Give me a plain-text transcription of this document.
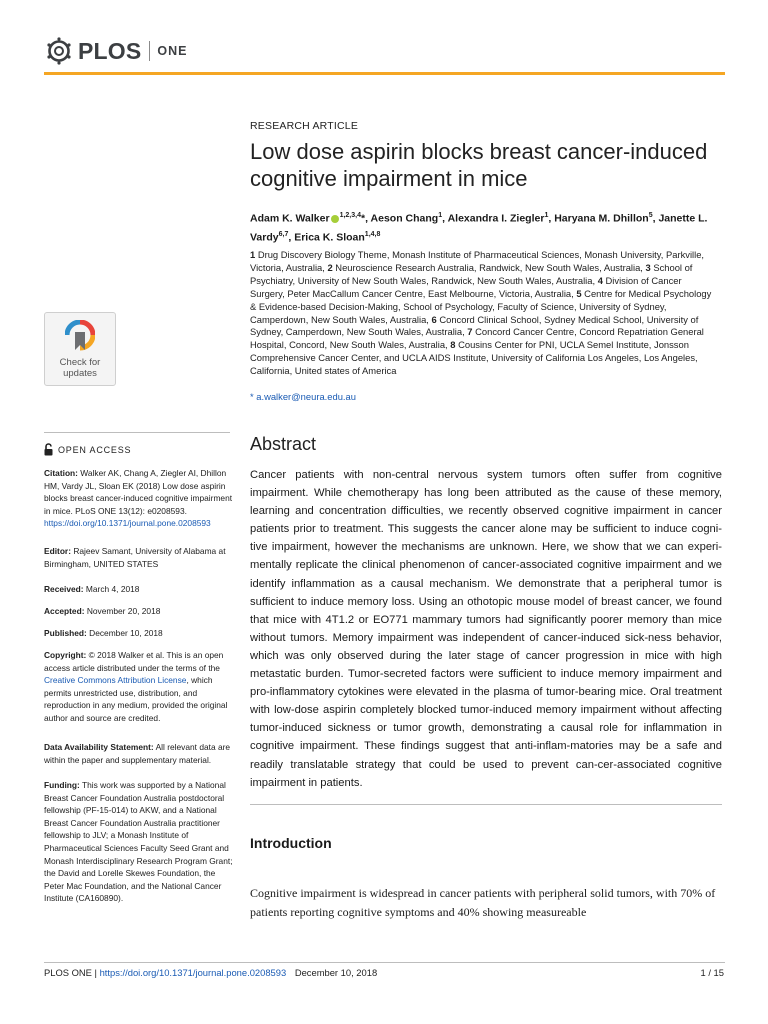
PLOS ONE
RESEARCH ARTICLE
Low dose aspirin blocks breast cancer-induced cognitive impairment in mice
Adam K. Walker $^{1,2,3,4}$*, Aeson Chang$^1$, Alexandra I. Ziegler$^1$, Haryana M. Dhillon$^5$, Janette L. Vardy$^{6,7}$, Erica K. Sloan$^{1,4,8}$
1 Drug Discovery Biology Theme, Monash Institute of Pharmaceutical Sciences, Monash University, Parkville, Victoria, Australia, 2 Neuroscience Research Australia, Randwick, New South Wales, Australia, 3 School of Psychiatry, University of New South Wales, Randwick, New South Wales, Australia, 4 Division of Cancer Surgery, Peter MacCallum Cancer Centre, East Melbourne, Victoria, Australia, 5 Centre for Medical Psychology & Evidence-based Decision-Making, School of Psychology, Faculty of Science, University of Sydney, Camperdown, New South Wales, Australia, 6 Concord Clinical School, Sydney Medical School, University of Sydney, Camperdown, New South Wales, Australia, 7 Concord Cancer Centre, Concord Repatriation General Hospital, Concord, New South Wales, Australia, 8 Cousins Center for PNI, UCLA Semel Institute, Jonsson Comprehensive Cancer Center, and UCLA AIDS Institute, University of California Los Angeles, Los Angeles, California, United states of America
* a.walker@neura.edu.au
Check for
updates
OPEN ACCESS
Citation: Walker AK, Chang A, Ziegler AI, Dhillon HM, Vardy JL, Sloan EK (2018) Low dose aspirin blocks breast cancer-induced cognitive impairment in mice. PLoS ONE 13(12): e0208593. https://doi.org/10.1371/journal.pone.0208593
Editor: Rajeev Samant, University of Alabama at Birmingham, UNITED STATES
Received: March 4, 2018
Accepted: November 20, 2018
Published: December 10, 2018
Copyright: © 2018 Walker et al. This is an open access article distributed under the terms of the Creative Commons Attribution License, which permits unrestricted use, distribution, and reproduction in any medium, provided the original author and source are credited.
Data Availability Statement: All relevant data are within the paper and supplementary material.
Funding: This work was supported by a National Breast Cancer Foundation Australia postdoctoral fellowship (PF-15-014) to AKW, and a National Breast Cancer Foundation Australia practitioner fellowship to JLV; a Monash Institute of Pharmaceutical Sciences Faculty Seed Grant and Monash Interdisciplinary Research Program Grant; the David and Lorelle Skewes Foundation, the Peter Mac Foundation, and the National Cancer Institute (CA160890).
Abstract
Cancer patients with non-central nervous system tumors often suffer from cognitive impairment. While chemotherapy has long been attributed as the cause of these memory, learning and concentration difficulties, we recently observed cognitive impairment in cancer patients prior to treatment. This suggests the cancer alone may be sufficient to induce cogni-tive impairment, however the mechanisms are unknown. Here, we show that we can experi-mentally replicate the clinical phenomenon of cancer-associated cognitive impairment and we identify inflammation as a causal mechanism. We demonstrate that a peripheral tumor is sufficient to induce memory loss. Using an othotopic mouse model of breast cancer, we found that mice with 4T1.2 or EO771 mammary tumors had significantly poorer memory than mice without tumors. Memory impairment was independent of cancer-induced sick-ness behavior, which was only observed during the later stage of cancer progression in mice with high metastatic burden. Tumor-secreted factors were sufficient to induce memory impairment and pro-inflammatory cytokines were elevated in the plasma of tumor-bearing mice. Oral treatment with low-dose aspirin completely blocked tumor-induced memory impairment without affecting tumor-induced sickness or tumor growth, demonstrating a causal role for inflammation in cognitive impairment. These findings suggest that anti-inflam-matories may be a safe and readily translatable strategy that could be used to prevent can-cer-associated cognitive impairment in patients.
Introduction
Cognitive impairment is widespread in cancer patients with peripheral solid tumors, with 70% of patients reporting cognitive symptoms and 40% showing measureable
PLOS ONE | https://doi.org/10.1371/journal.pone.0208593 December 10, 2018	1 / 15
